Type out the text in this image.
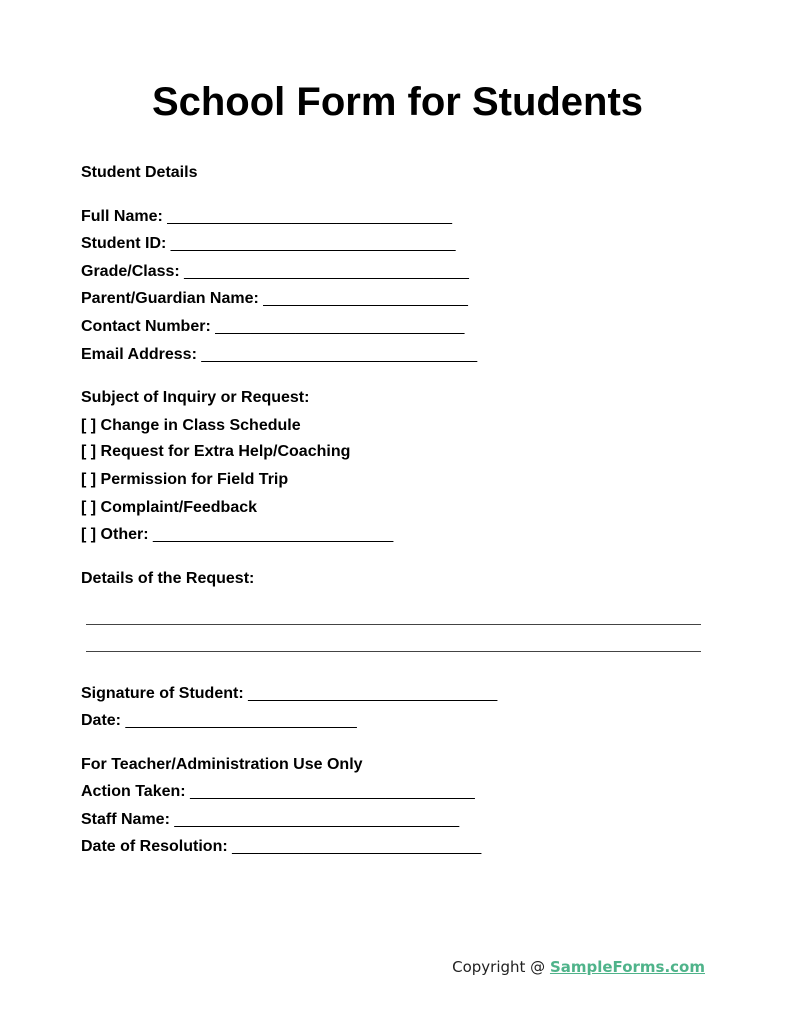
School Form for Students
Student Details
Full Name: ________________________________
Student ID: ________________________________
Grade/Class: ________________________________
Parent/Guardian Name: _______________________
Contact Number: ____________________________
Email Address: _______________________________
Subject of Inquiry or Request:
[ ] Change in Class Schedule
[ ] Request for Extra Help/Coaching
[ ] Permission for Field Trip
[ ] Complaint/Feedback
[ ] Other: ___________________________
Details of the Request:
Signature of Student: ____________________________
Date: __________________________
For Teacher/Administration Use Only
Action Taken: ________________________________
Staff Name: ________________________________
Date of Resolution: ____________________________
Copyright @ SampleForms.com
